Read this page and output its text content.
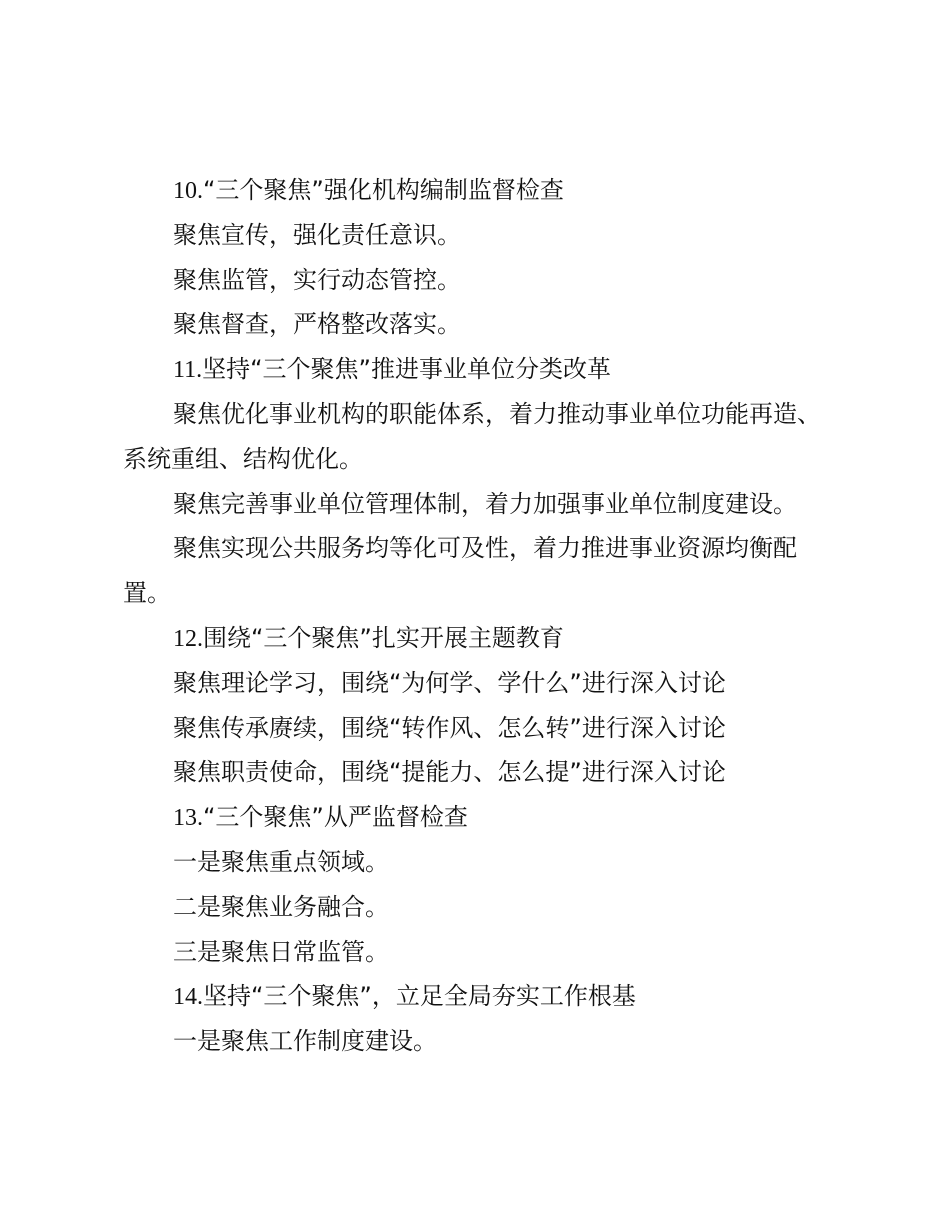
10.“三个聚焦”强化机构编制监督检查

聚焦宣传，强化责任意识。

聚焦监管，实行动态管控。

聚焦督查，严格整改落实。

11.坚持“三个聚焦”推进事业单位分类改革

聚焦优化事业机构的职能体系，着力推动事业单位功能再造、

系统重组、结构优化。

聚焦完善事业单位管理体制，着力加强事业单位制度建设。

聚焦实现公共服务均等化可及性，着力推进事业资源均衡配

置。

12.围绕“三个聚焦”扎实开展主题教育

聚焦理论学习，围绕“为何学、学什么”进行深入讨论

聚焦传承赓续，围绕“转作风、怎么转”进行深入讨论

聚焦职责使命，围绕“提能力、怎么提”进行深入讨论

13.“三个聚焦”从严监督检查

一是聚焦重点领域。

二是聚焦业务融合。

三是聚焦日常监管。

14.坚持“三个聚焦”，立足全局夯实工作根基

一是聚焦工作制度建设。
